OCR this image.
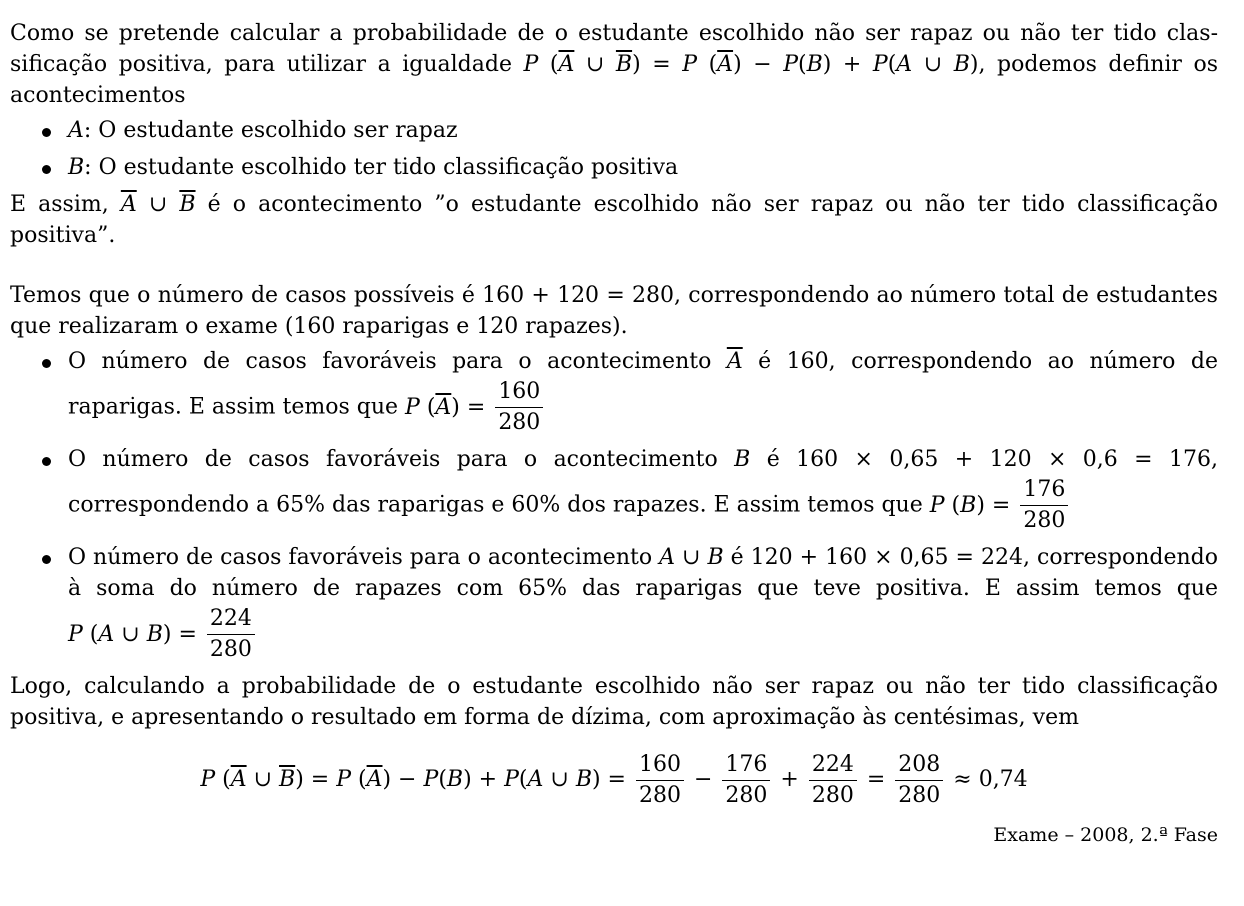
Como se pretende calcular a probabilidade de o estudante escolhido não ser rapaz ou não ter tido classificação positiva, para utilizar a igualdade P ($\overline{A}$ ∪ $\overline{B}) = P$ $(\overline{A}) - P(B) + P(A$ ∪ B), podemos definir os acontecimentos

A: O estudante escolhido ser rapaz
B: O estudante escolhido ter tido classificação positiva

E assim, $\overline{A}$ ∪ $\overline{B}$ é o acontecimento ”o estudante escolhido não ser rapaz ou não ter tido classificação positiva”.

Temos que o número de casos possíveis é 160 + 120 = 280, correspondendo ao número total de estudantes que realizaram o exame (160 raparigas e 120 rapazes).

O número de casos favoráveis para o acontecimento $\overline{A}$ é 160, correspondendo ao número de raparigas. E assim temos que P $(\overline{A}) = \frac{160}{280}$
O número de casos favoráveis para o acontecimento B é 160 × 0,65 + 120 × 0,6 = 176, correspondendo a 65% das raparigas e 60% dos rapazes. E assim temos que P $(B) = \frac{176}{280}$
O número de casos favoráveis para o acontecimento A ∪ B é 120 + 160 × 0,65 = 224, correspondendo à soma do número de rapazes com 65% das raparigas que teve positiva. E assim temos que P (A ∪ $B) = \frac{224}{280}$

Logo, calculando a probabilidade de o estudante escolhido não ser rapaz ou não ter tido classificação positiva, e apresentando o resultado em forma de dízima, com aproximação às centésimas, vem

P ($\overline{A}$ ∪ $\overline{B}) = P$ $(\overline{A}) - P(B) + P(A$ ∪ $B) = \frac{160}{280} - \frac{176}{280} + \frac{224}{280} = \frac{208}{280} \approx 0,74$
Exame – 2008, 2.ª Fase
